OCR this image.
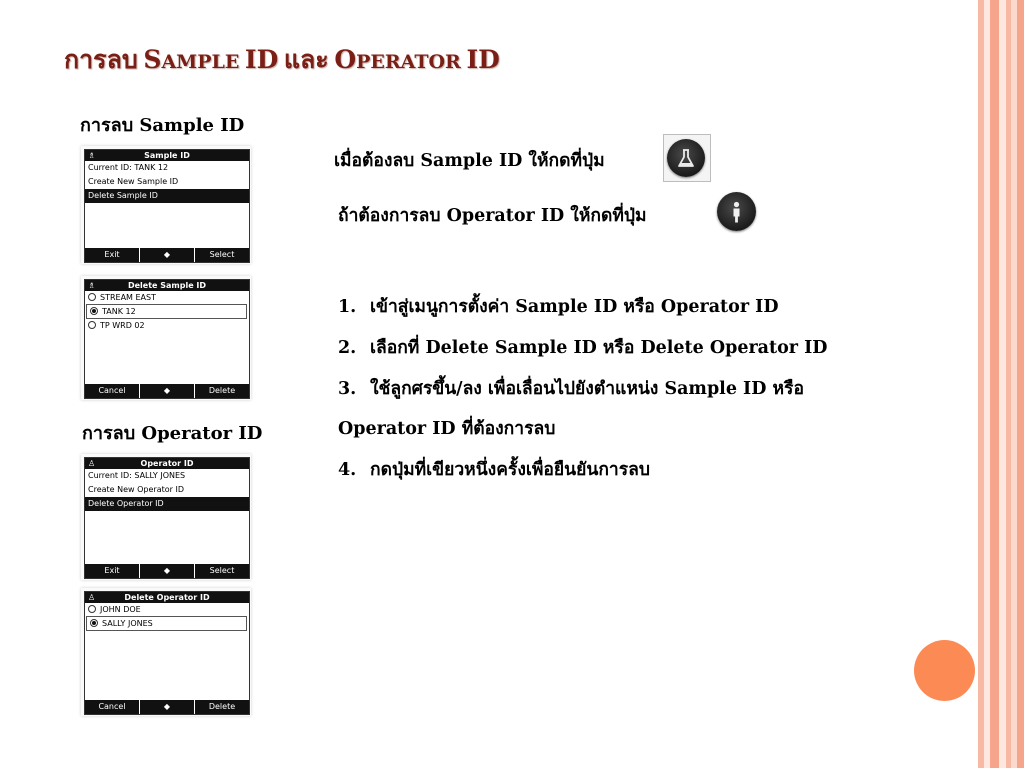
การลบ SAMPLE ID และ OPERATOR ID
การลบ Sample ID
การลบ Operator ID
♗	Sample ID
Current ID: TANK 12
Create New Sample ID
Delete Sample ID
Exit	◆	Select
♗	Delete Sample ID
STREAM EAST
TANK 12
TP WRD 02
Cancel	◆	Delete
♙	Operator ID
Current ID: SALLY JONES
Create New Operator ID
Delete Operator ID
Exit	◆	Select
♙	Delete Operator ID
JOHN DOE
SALLY JONES
Cancel	◆	Delete
เมื่อต้องลบ Sample ID ให้กดที่ปุ่ม
ถ้าต้องการลบ Operator ID ให้กดที่ปุ่ม
1. เข้าสู่เมนูการตั้งค่า Sample ID หรือ Operator ID
2. เลือกที่ Delete Sample ID หรือ Delete Operator ID
3. ใช้ลูกศรขึ้น/ลง เพื่อเลื่อนไปยังตำแหน่ง Sample ID หรือ
Operator ID ที่ต้องการลบ
4. กดปุ่มที่เขียวหนึ่งครั้งเพื่อยืนยันการลบ
